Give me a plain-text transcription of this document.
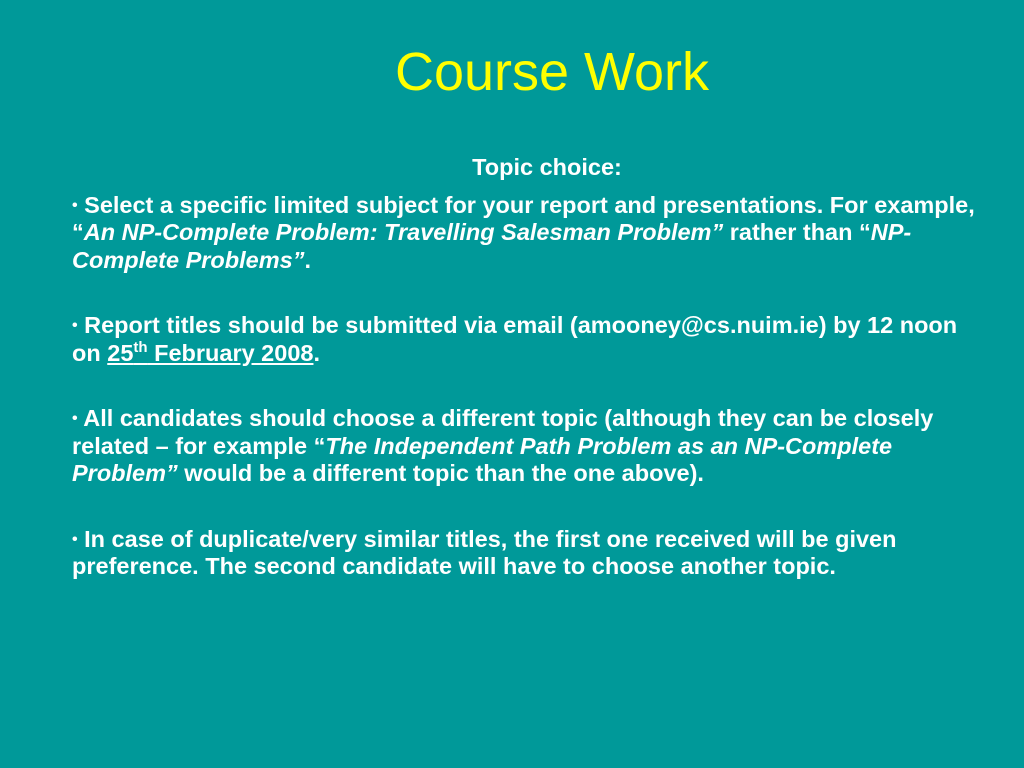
Course Work
Topic choice:
• Select a specific limited subject for your report and presentations. For example, “An NP-Complete Problem: Travelling Salesman Problem” rather than “NP-Complete Problems”.
• Report titles should be submitted via email (amooney@cs.nuim.ie) by 12 noon on 25th February 2008.
• All candidates should choose a different topic (although they can be closely related – for example “The Independent Path Problem as an NP-Complete Problem” would be a different topic than the one above).
• In case of duplicate/very similar titles, the first one received will be given preference. The second candidate will have to choose another topic.
